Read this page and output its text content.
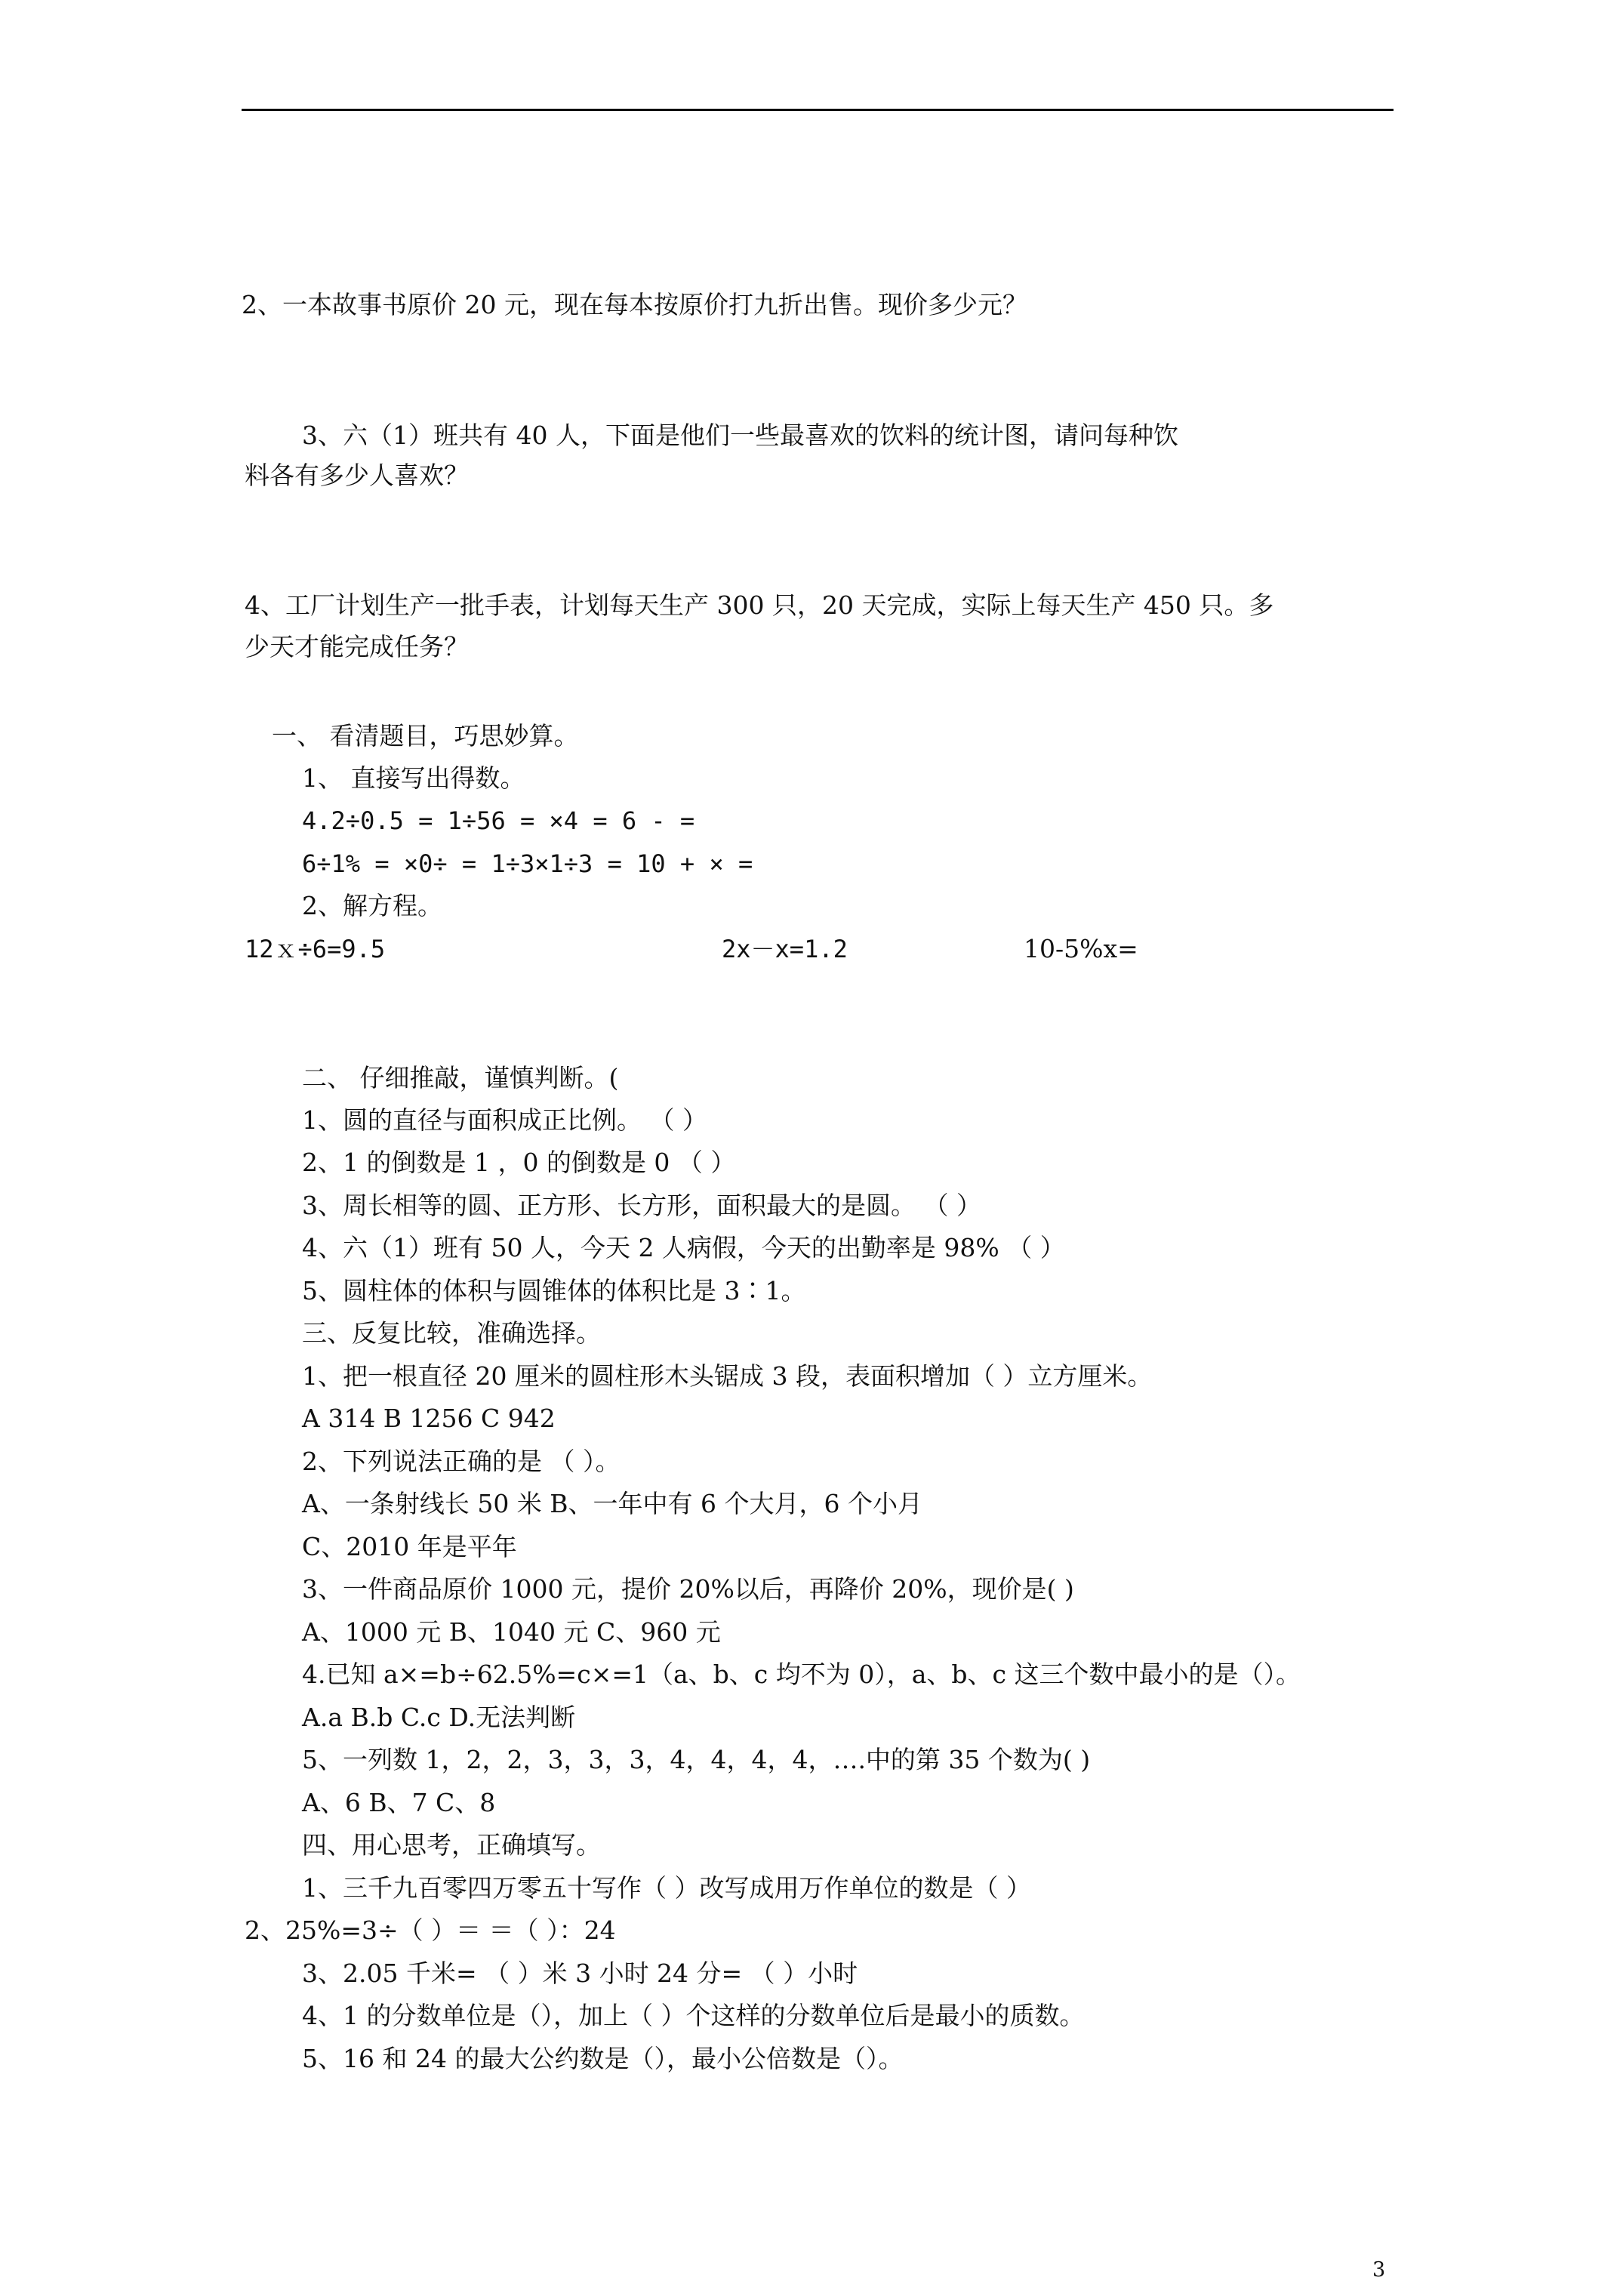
2、一本故事书原价 20 元，现在每本按原价打九折出售。现价多少元？
3、六（1）班共有 40 人，下面是他们一些最喜欢的饮料的统计图，请问每种饮
料各有多少人喜欢？
4、工厂计划生产一批手表，计划每天生产 300 只，20 天完成，实际上每天生产 450 只。多
少天才能完成任务？
一、 看清题目，巧思妙算。
1、 直接写出得数。
4.2÷0.5 = 1÷56 = ×4 = 6 - =
6÷1% = ×0÷ = 1÷3×1÷3 = 10 + × =
2、解方程。
12ｘ÷6=9.5	2x－x=1.2	10-5%x=
二、 仔细推敲，谨慎判断。(
1、圆的直径与面积成正比例。 （ ）
2、1 的倒数是 1 ，0 的倒数是 0 （ ）
3、周长相等的圆、正方形、长方形，面积最大的是圆。 （ ）
4、六（1）班有 50 人，今天 2 人病假，今天的出勤率是 98% （ ）
5、圆柱体的体积与圆锥体的体积比是 3∶1。
三、反复比较，准确选择。
1、把一根直径 20 厘米的圆柱形木头锯成 3 段，表面积增加（ ）立方厘米。
A 314 B 1256 C 942
2、下列说法正确的是 （ ）。
A、一条射线长 50 米 B、一年中有 6 个大月，6 个小月
C、2010 年是平年
3、一件商品原价 1000 元，提价 20%以后，再降价 20%，现价是( )
A、1000 元 B、1040 元 C、960 元
4.已知 a×=b÷62.5%=c×=1（a、b、c 均不为 0），a、b、c 这三个数中最小的是（）。
A.a B.b C.c D.无法判断
5、一列数 1，2，2，3，3，3，4，4，4，4，….中的第 35 个数为( )
A、6 B、7 C、8
四、用心思考，正确填写。
1、三千九百零四万零五十写作（ ）改写成用万作单位的数是（ ）
2、25%=3÷（ ）＝ ＝（ ）：24
3、2.05 千米= （ ）米 3 小时 24 分= （ ）小时
4、1 的分数单位是（），加上（ ）个这样的分数单位后是最小的质数。
5、16 和 24 的最大公约数是（），最小公倍数是（）。
3
